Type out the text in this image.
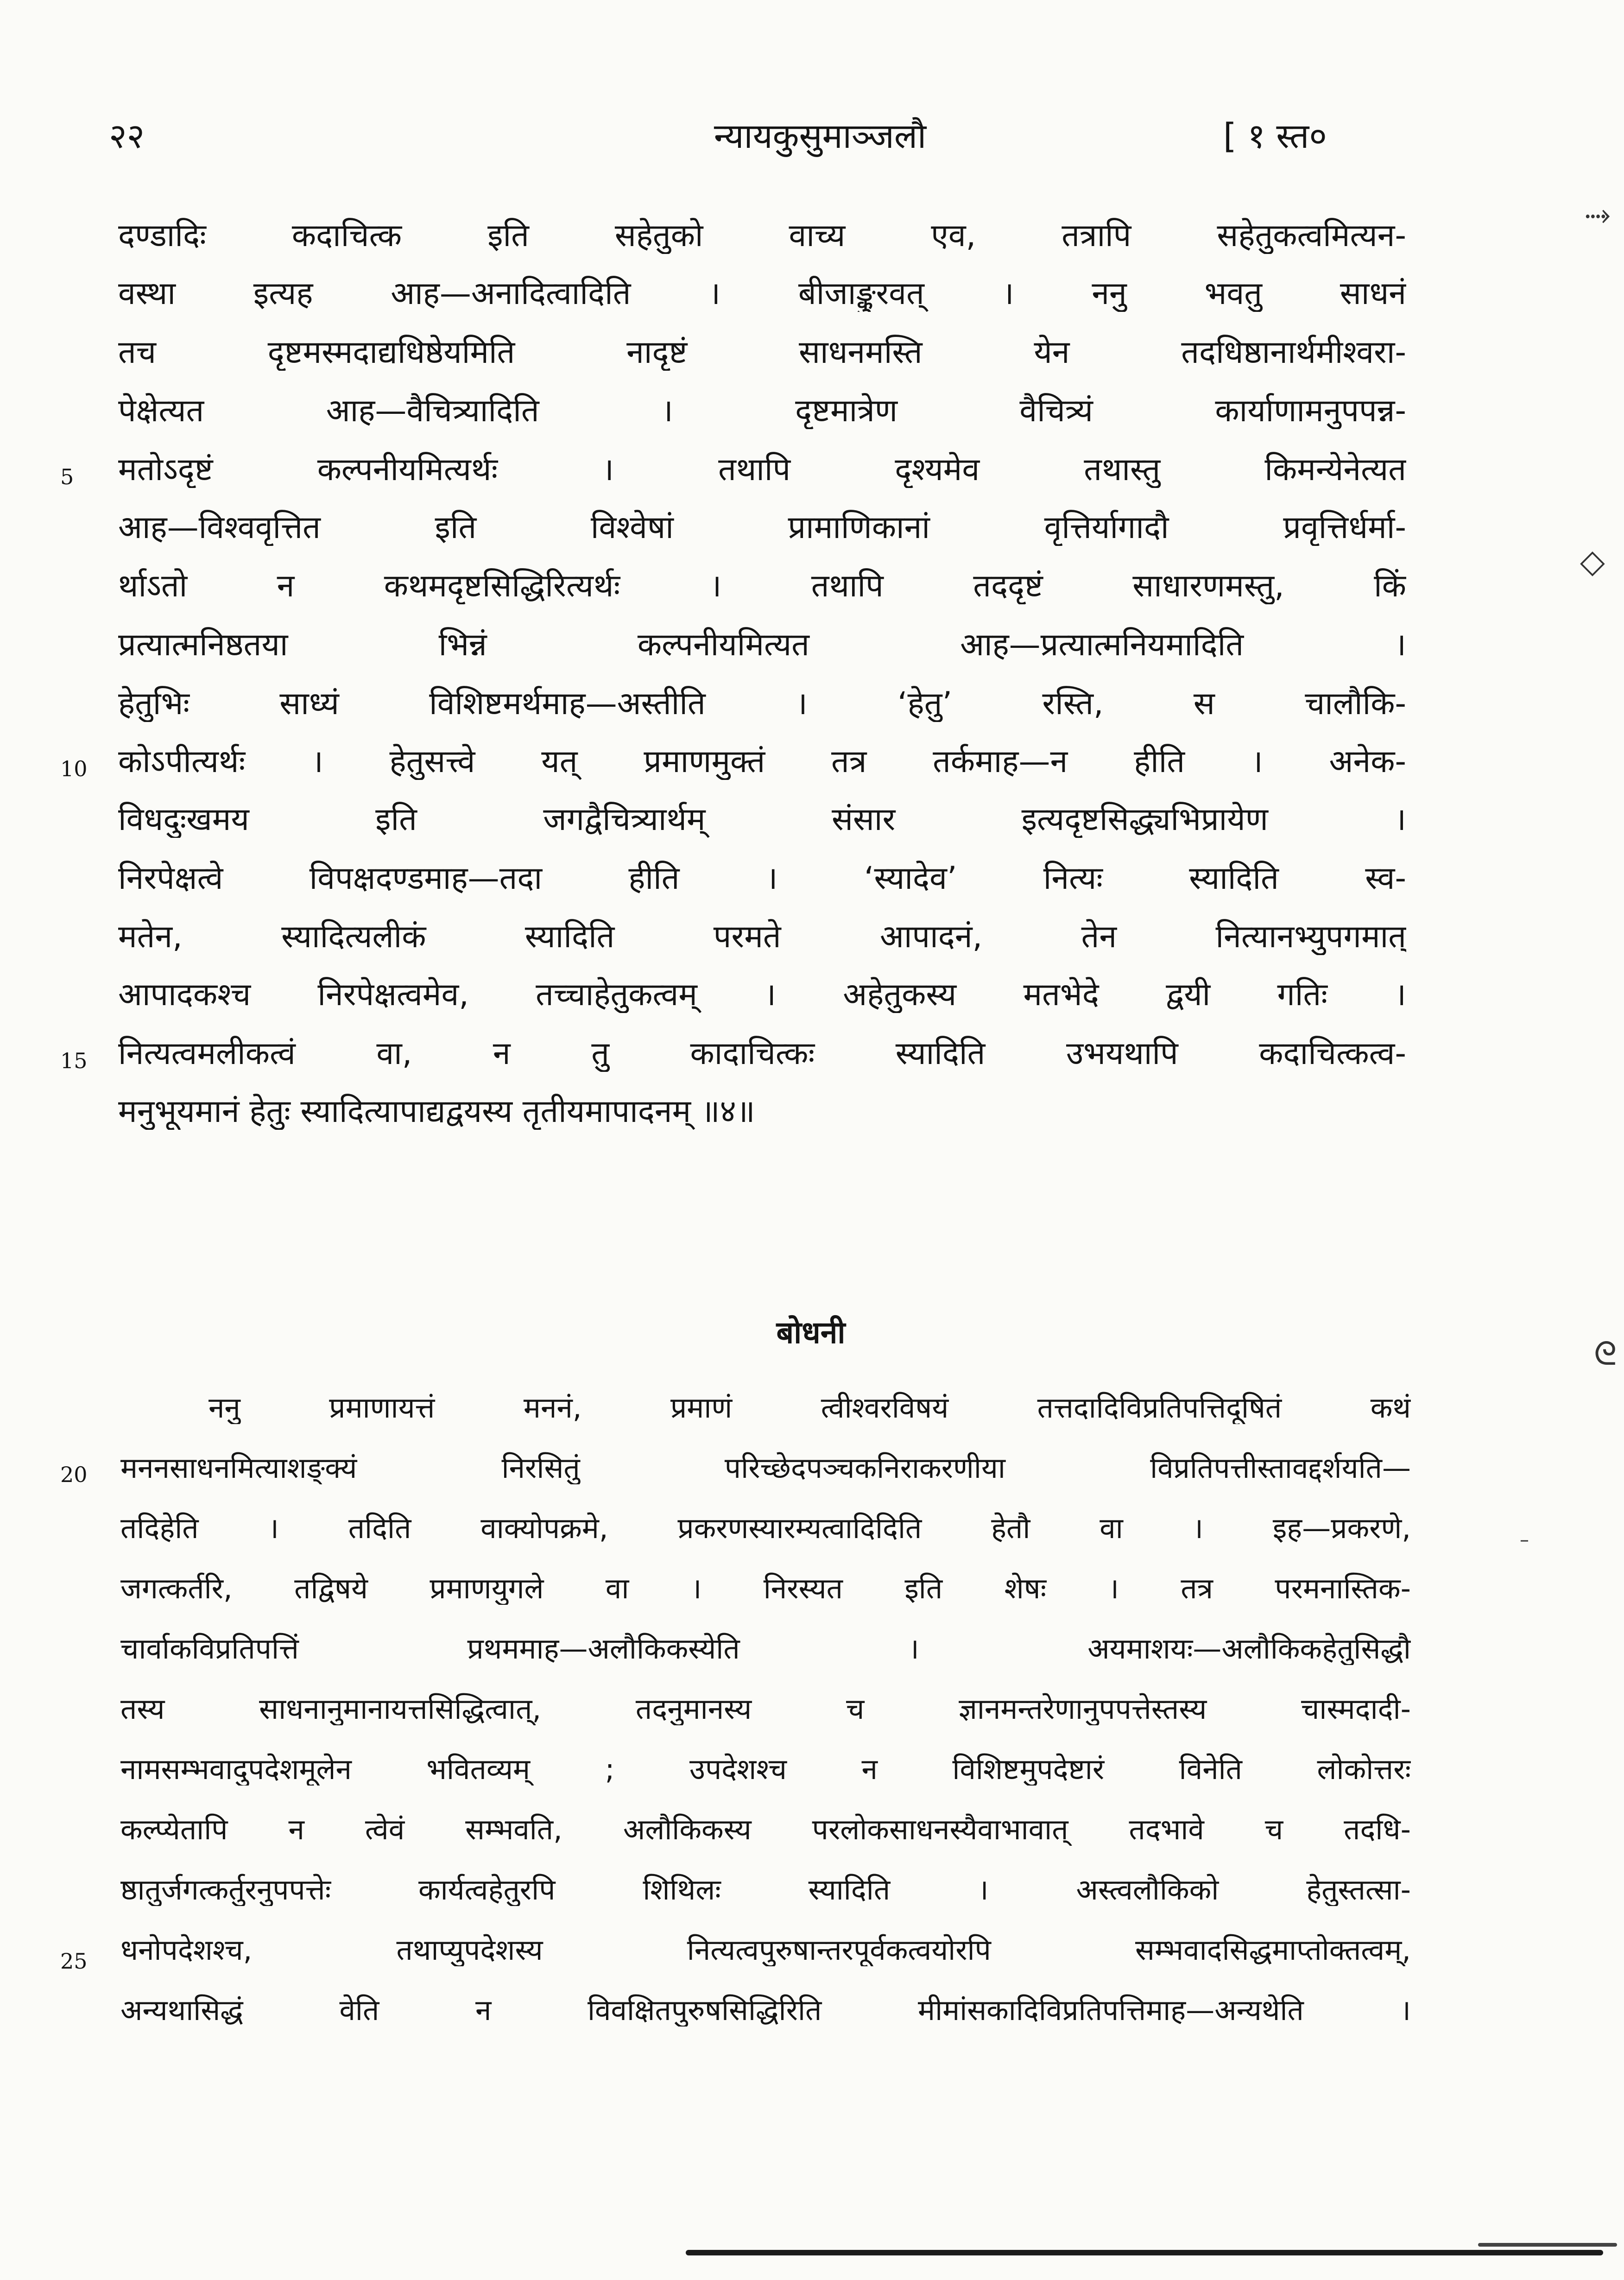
२२	न्यायकुसुमाञ्जलौ	[ १ स्त०
दण्डादिः कदाचित्क इति सहेतुको वाच्य एव, तत्रापि सहेतुकत्वमित्यन-
वस्था इत्यह आह—अनादित्वादिति । बीजाङ्कुरवत् । ननु भवतु साधनं
तच दृष्टमस्मदाद्यधिष्ठेयमिति नादृष्टं साधनमस्ति येन तदधिष्ठानार्थमीश्वरा-
पेक्षेत्यत आह—वैचित्र्यादिति । दृष्टमात्रेण वैचित्र्यं कार्याणामनुपपन्न-
मतोऽदृष्टं कल्पनीयमित्यर्थः । तथापि दृश्यमेव तथास्तु किमन्येनेत्यत
आह—विश्ववृत्तित इति विश्वेषां प्रामाणिकानां वृत्तिर्यागादौ प्रवृत्तिर्धर्मा-
र्थाऽतो न कथमदृष्टसिद्धिरित्यर्थः । तथापि तददृष्टं साधारणमस्तु, किं
प्रत्यात्मनिष्ठतया भिन्नं कल्पनीयमित्यत आह—प्रत्यात्मनियमादिति ।
हेतुभिः साध्यं विशिष्टमर्थमाह—अस्तीति । ‘हेतु’ रस्ति, स चालौकि-
कोऽपीत्यर्थः । हेतुसत्त्वे यत् प्रमाणमुक्तं तत्र तर्कमाह—न हीति । अनेक-
विधदुःखमय इति जगद्वैचित्र्यार्थम् संसार इत्यदृष्टसिद्ध्यभिप्रायेण ।
निरपेक्षत्वे विपक्षदण्डमाह—तदा हीति । ‘स्यादेव’ नित्यः स्यादिति स्व-
मतेन, स्यादित्यलीकं स्यादिति परमते आपादनं, तेन नित्यानभ्युपगमात्
आपादकश्च निरपेक्षत्वमेव, तच्चाहेतुकत्वम् । अहेतुकस्य मतभेदे द्वयी गतिः ।
नित्यत्वमलीकत्वं वा, न तु कादाचित्कः स्यादिति उभयथापि कदाचित्कत्व-
मनुभूयमानं हेतुः स्यादित्यापाद्यद्वयस्य तृतीयमापादनम् ॥४॥
5
10
15
20
25
बोधनी
ननु प्रमाणायत्तं मननं, प्रमाणं त्वीश्वरविषयं तत्तदादिविप्रतिपत्तिदूषितं कथं
मननसाधनमित्याशङ्क्यं निरसितुं परिच्छेदपञ्चकनिराकरणीया विप्रतिपत्तीस्तावद्दर्शयति—
तदिहेति । तदिति वाक्योपक्रमे, प्रकरणस्यारम्यत्वादिदिति हेतौ वा । इह—प्रकरणे,
जगत्कर्तरि, तद्विषये प्रमाणयुगले वा । निरस्यत इति शेषः । तत्र परमनास्तिक-
चार्वाकविप्रतिपत्तिं प्रथममाह—अलौकिकस्येति । अयमाशयः—अलौकिकहेतुसिद्धौ
तस्य साधनानुमानायत्तसिद्धित्वात्, तदनुमानस्य च ज्ञानमन्तरेणानुपपत्तेस्तस्य चास्मदादी-
नामसम्भवादुपदेशमूलेन भवितव्यम् ; उपदेशश्च न विशिष्टमुपदेष्टारं विनेति लोकोत्तरः
कल्प्येतापि न त्वेवं सम्भवति, अलौकिकस्य परलोकसाधनस्यैवाभावात् तदभावे च तदधि-
ष्ठातुर्जगत्कर्तुरनुपपत्तेः कार्यत्वहेतुरपि शिथिलः स्यादिति । अस्त्वलौकिको हेतुस्तत्सा-
धनोपदेशश्च, तथाप्युपदेशस्य नित्यत्वपुरुषान्तरपूर्वकत्वयोरपि सम्भवादसिद्धमाप्तोक्तत्वम्,
अन्यथासिद्धं वेति न विवक्षितपुरुषसिद्धिरिति मीमांसकादिविप्रतिपत्तिमाह—अन्यथेति ।
⤑
◇
ᘓ
–
